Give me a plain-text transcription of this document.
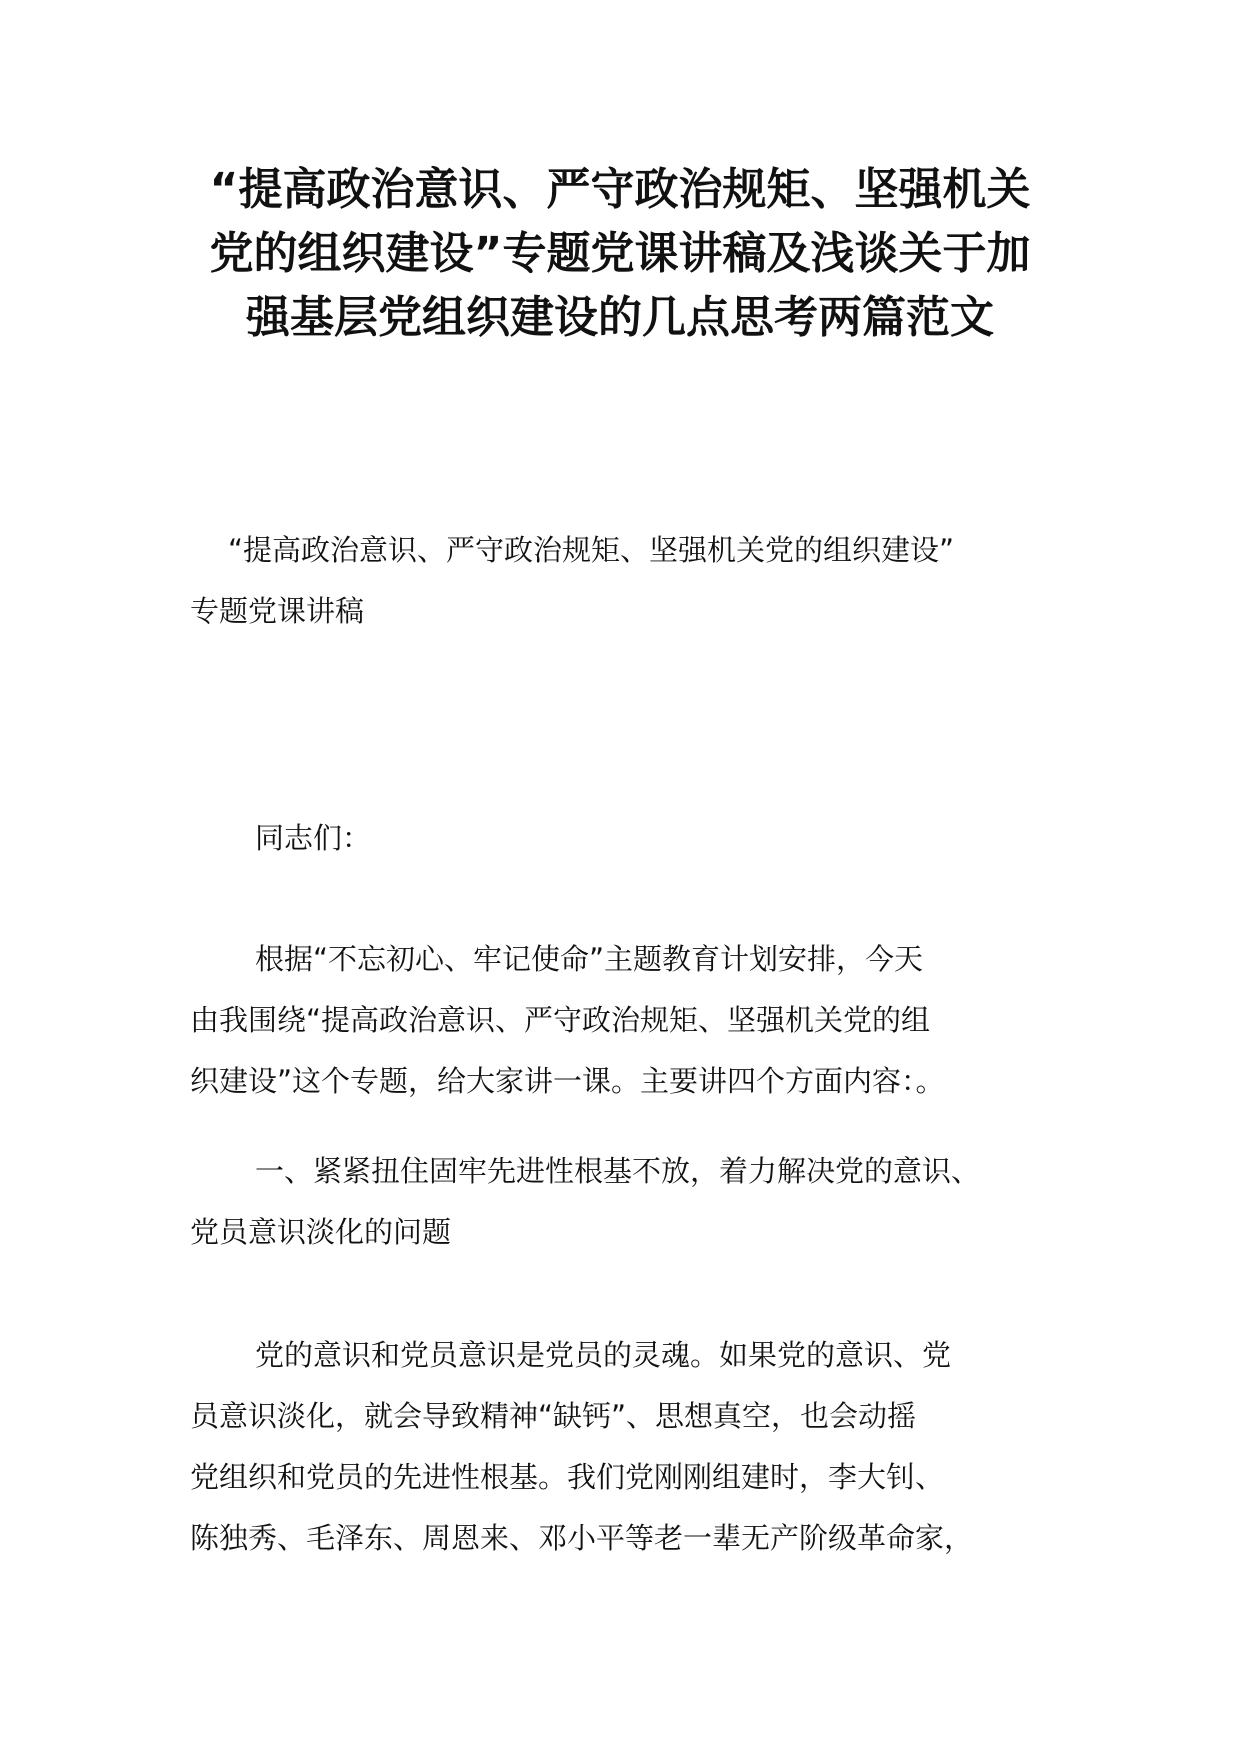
“提高政治意识、严守政治规矩、坚强机关
党的组织建设”专题党课讲稿及浅谈关于加
强基层党组织建设的几点思考两篇范文

“提高政治意识、严守政治规矩、坚强机关党的组织建设”
专题党课讲稿

同志们：

根据“不忘初心、牢记使命”主题教育计划安排，今天
由我围绕“提高政治意识、严守政治规矩、坚强机关党的组
织建设”这个专题，给大家讲一课。主要讲四个方面内容：。

一、紧紧扭住固牢先进性根基不放，着力解决党的意识、
党员意识淡化的问题

党的意识和党员意识是党员的灵魂。如果党的意识、党
员意识淡化，就会导致精神“缺钙”、思想真空，也会动摇
党组织和党员的先进性根基。我们党刚刚组建时，李大钊、
陈独秀、毛泽东、周恩来、邓小平等老一辈无产阶级革命家，
